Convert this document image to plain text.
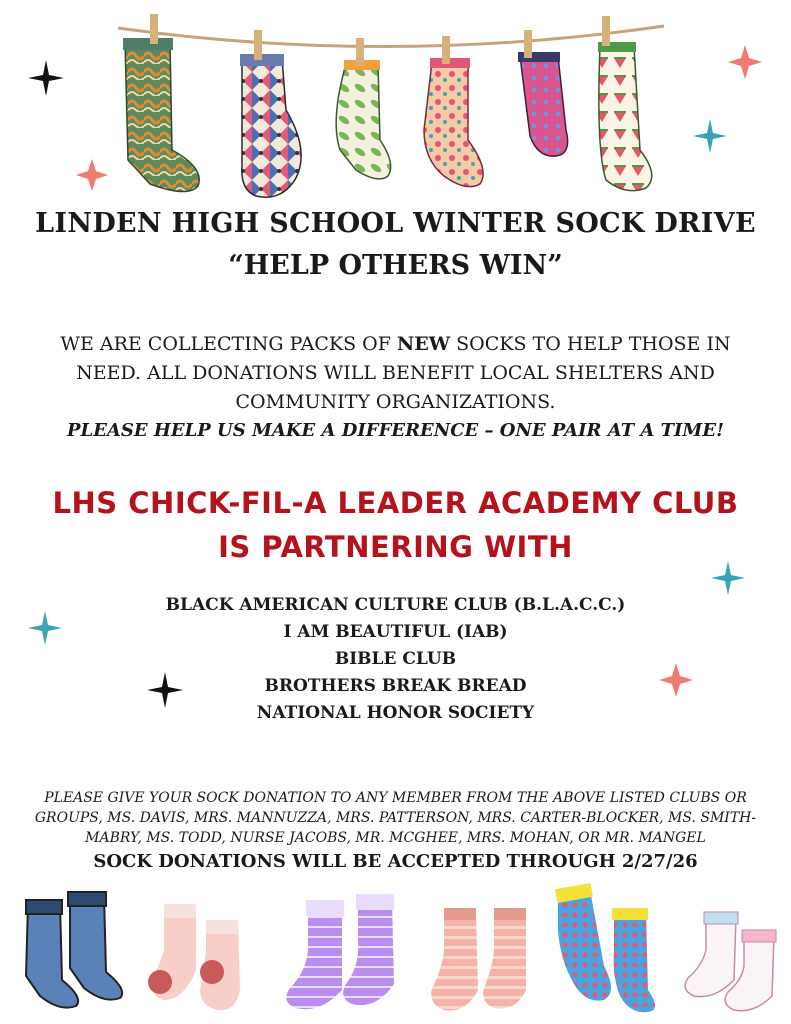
LINDEN HIGH SCHOOL WINTER SOCK DRIVE
“HELP OTHERS WIN”
WE ARE COLLECTING PACKS OF NEW SOCKS TO HELP THOSE IN NEED. ALL DONATIONS WILL BENEFIT LOCAL SHELTERS AND COMMUNITY ORGANIZATIONS.
PLEASE HELP US MAKE A DIFFERENCE – ONE PAIR AT A TIME!
LHS CHICK-FIL-A LEADER ACADEMY CLUB
IS PARTNERING WITH
BLACK AMERICAN CULTURE CLUB (B.L.A.C.C.)
I AM BEAUTIFUL (IAB)
BIBLE CLUB
BROTHERS BREAK BREAD
NATIONAL HONOR SOCIETY
PLEASE GIVE YOUR SOCK DONATION TO ANY MEMBER FROM THE ABOVE LISTED CLUBS OR GROUPS, MS. DAVIS, MRS. MANNUZZA, MRS. PATTERSON, MRS. CARTER-BLOCKER, MS. SMITH-MABRY, MS. TODD, NURSE JACOBS, MR. MCGHEE, MRS. MOHAN, OR MR. MANGEL
SOCK DONATIONS WILL BE ACCEPTED THROUGH 2/27/26
